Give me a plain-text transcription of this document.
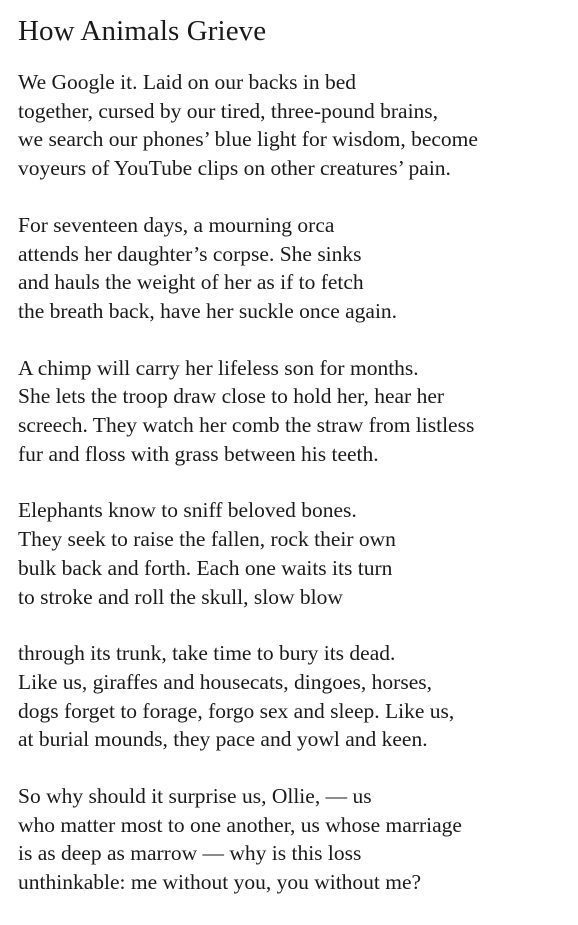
How Animals Grieve
We Google it. Laid on our backs in bed
together, cursed by our tired, three-pound brains,
we search our phones’ blue light for wisdom, become
voyeurs of YouTube clips on other creatures’ pain.
For seventeen days, a mourning orca
attends her daughter’s corpse. She sinks
and hauls the weight of her as if to fetch
the breath back, have her suckle once again.
A chimp will carry her lifeless son for months.
She lets the troop draw close to hold her, hear her
screech. They watch her comb the straw from listless
fur and floss with grass between his teeth.
Elephants know to sniff beloved bones.
They seek to raise the fallen, rock their own
bulk back and forth. Each one waits its turn
to stroke and roll the skull, slow blow
through its trunk, take time to bury its dead.
Like us, giraffes and housecats, dingoes, horses,
dogs forget to forage, forgo sex and sleep. Like us,
at burial mounds, they pace and yowl and keen.
So why should it surprise us, Ollie, — us
who matter most to one another, us whose marriage
is as deep as marrow — why is this loss
unthinkable: me without you, you without me?
